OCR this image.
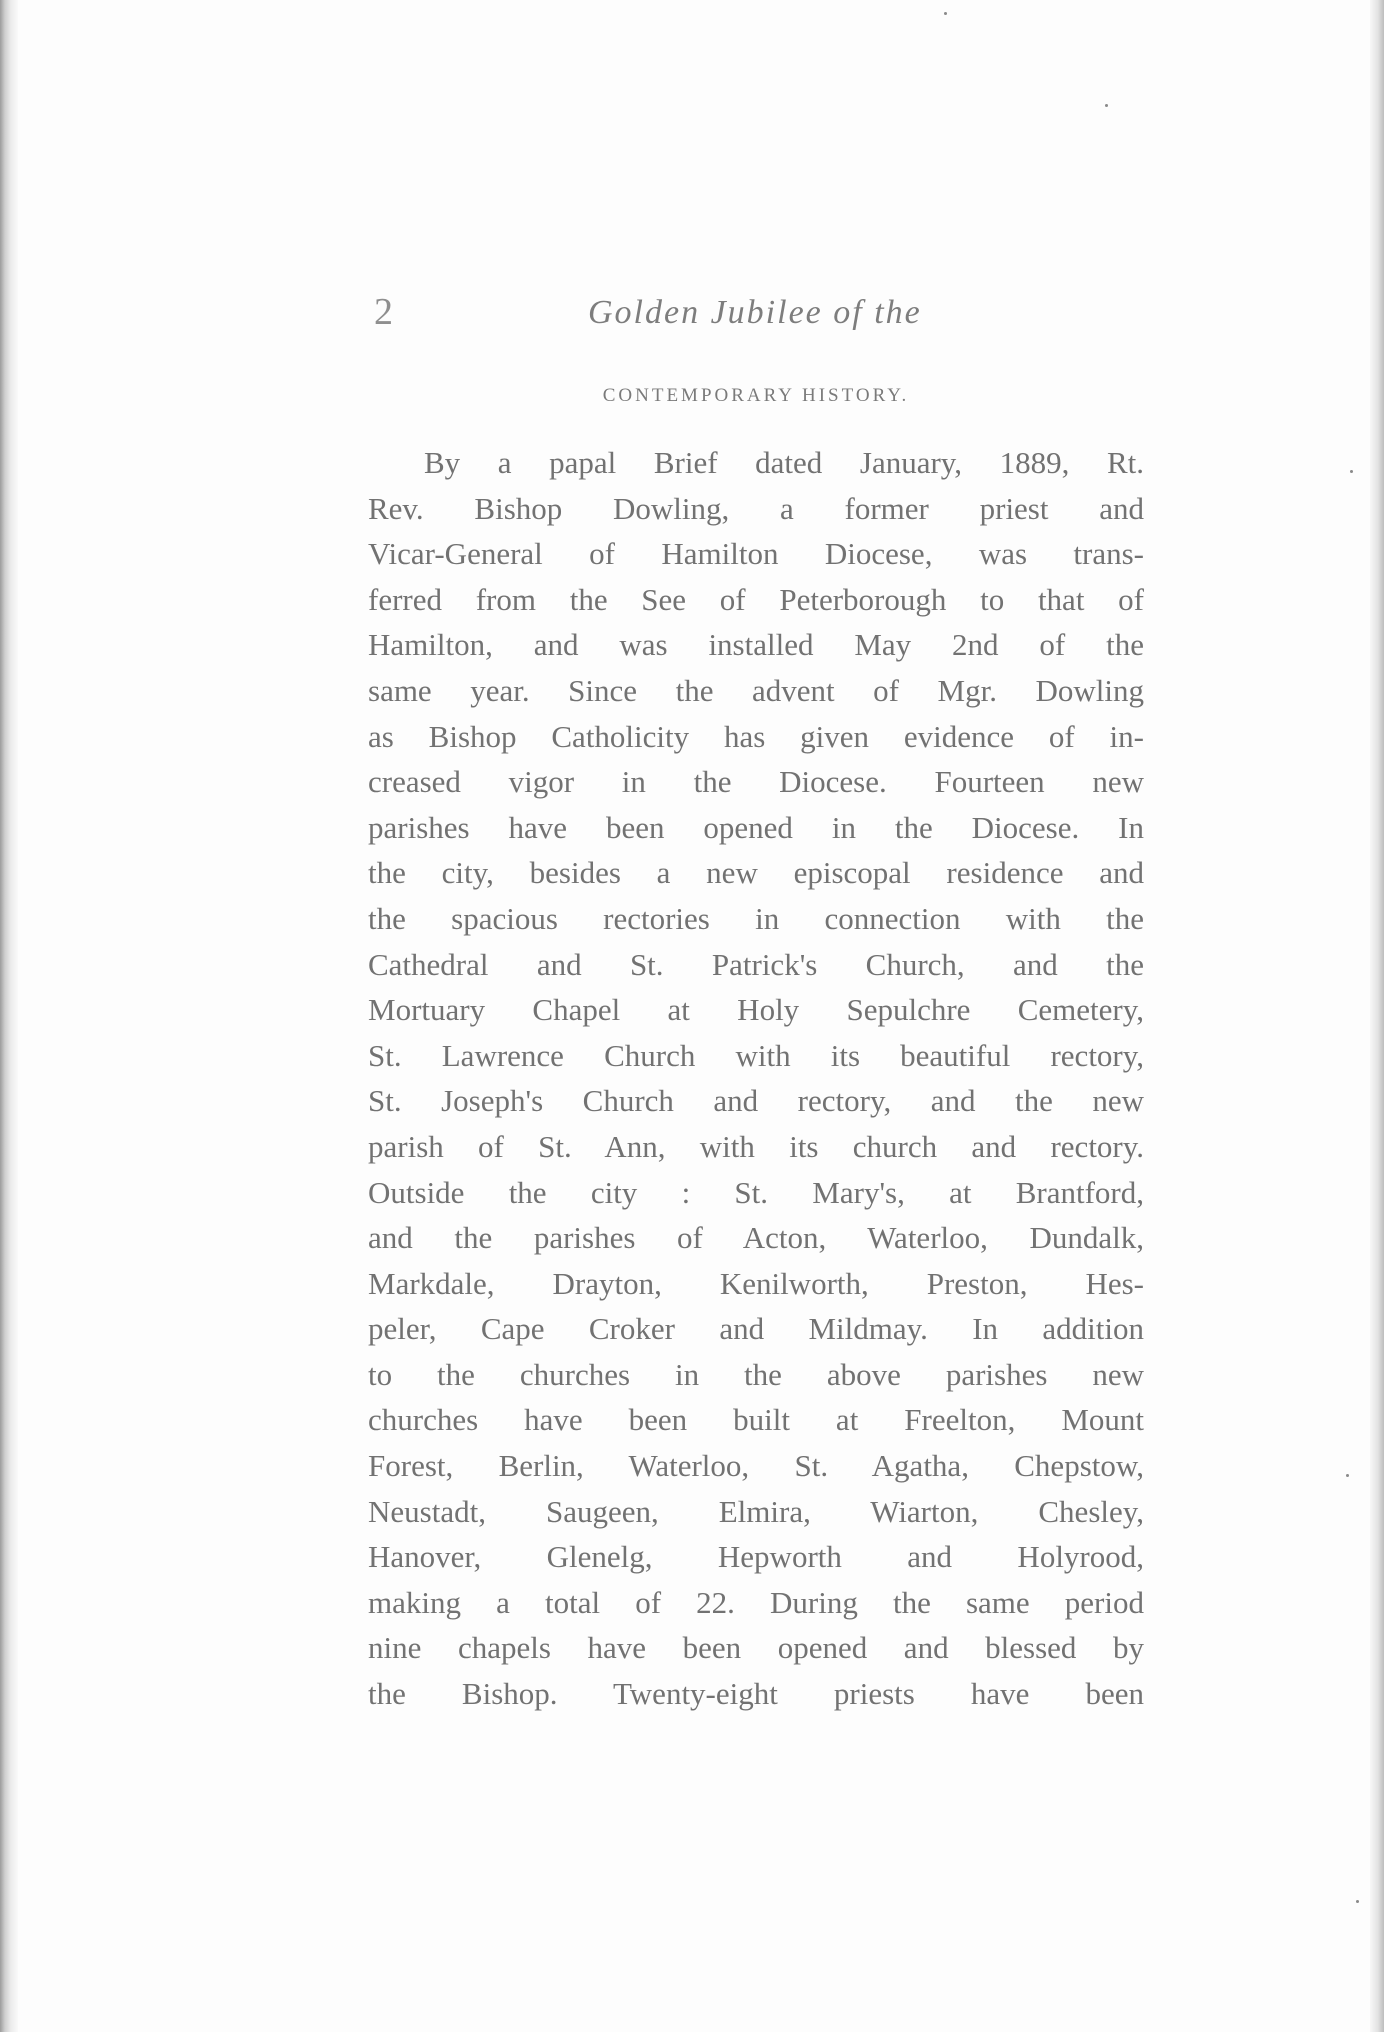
2	Golden Jubilee of the
CONTEMPORARY HISTORY.
By a papal Brief dated January, 1889, Rt.
Rev. Bishop Dowling, a former priest and
Vicar-General of Hamilton Diocese, was trans-
ferred from the See of Peterborough to that of
Hamilton, and was installed May 2nd of the
same year. Since the advent of Mgr. Dowling
as Bishop Catholicity has given evidence of in-
creased vigor in the Diocese. Fourteen new
parishes have been opened in the Diocese. In
the city, besides a new episcopal residence and
the spacious rectories in connection with the
Cathedral and St. Patrick's Church, and the
Mortuary Chapel at Holy Sepulchre Cemetery,
St. Lawrence Church with its beautiful rectory,
St. Joseph's Church and rectory, and the new
parish of St. Ann, with its church and rectory.
Outside the city : St. Mary's, at Brantford,
and the parishes of Acton, Waterloo, Dundalk,
Markdale, Drayton, Kenilworth, Preston, Hes-
peler, Cape Croker and Mildmay. In addition
to the churches in the above parishes new
churches have been built at Freelton, Mount
Forest, Berlin, Waterloo, St. Agatha, Chepstow,
Neustadt, Saugeen, Elmira, Wiarton, Chesley,
Hanover, Glenelg, Hepworth and Holyrood,
making a total of 22. During the same period
nine chapels have been opened and blessed by
the Bishop. Twenty-eight priests have been
